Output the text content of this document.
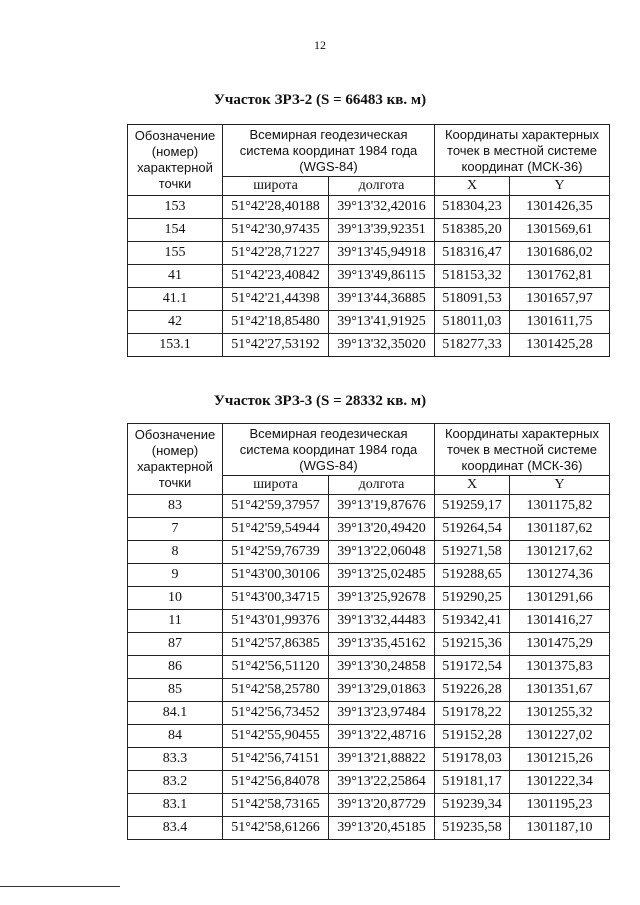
12
Участок ЗРЗ-2 (S = 66483 кв. м)
Обозначение (номер) характерной точки	Всемирная геодезическая система координат 1984 года (WGS-84)		Координаты характерных точек в местной системе координат (МСК-36)	
	широта	долгота	X	Y
153	51°42'28,40188	39°13'32,42016	518304,23	1301426,35
154	51°42'30,97435	39°13'39,92351	518385,20	1301569,61
155	51°42'28,71227	39°13'45,94918	518316,47	1301686,02
41	51°42'23,40842	39°13'49,86115	518153,32	1301762,81
41.1	51°42'21,44398	39°13'44,36885	518091,53	1301657,97
42	51°42'18,85480	39°13'41,91925	518011,03	1301611,75
153.1	51°42'27,53192	39°13'32,35020	518277,33	1301425,28
Участок ЗРЗ-3 (S = 28332 кв. м)
Обозначение (номер) характерной точки	Всемирная геодезическая система координат 1984 года (WGS-84)		Координаты характерных точек в местной системе координат (МСК-36)	
	широта	долгота	X	Y
83	51°42'59,37957	39°13'19,87676	519259,17	1301175,82
7	51°42'59,54944	39°13'20,49420	519264,54	1301187,62
8	51°42'59,76739	39°13'22,06048	519271,58	1301217,62
9	51°43'00,30106	39°13'25,02485	519288,65	1301274,36
10	51°43'00,34715	39°13'25,92678	519290,25	1301291,66
11	51°43'01,99376	39°13'32,44483	519342,41	1301416,27
87	51°42'57,86385	39°13'35,45162	519215,36	1301475,29
86	51°42'56,51120	39°13'30,24858	519172,54	1301375,83
85	51°42'58,25780	39°13'29,01863	519226,28	1301351,67
84.1	51°42'56,73452	39°13'23,97484	519178,22	1301255,32
84	51°42'55,90455	39°13'22,48716	519152,28	1301227,02
83.3	51°42'56,74151	39°13'21,88822	519178,03	1301215,26
83.2	51°42'56,84078	39°13'22,25864	519181,17	1301222,34
83.1	51°42'58,73165	39°13'20,87729	519239,34	1301195,23
83.4	51°42'58,61266	39°13'20,45185	519235,58	1301187,10
